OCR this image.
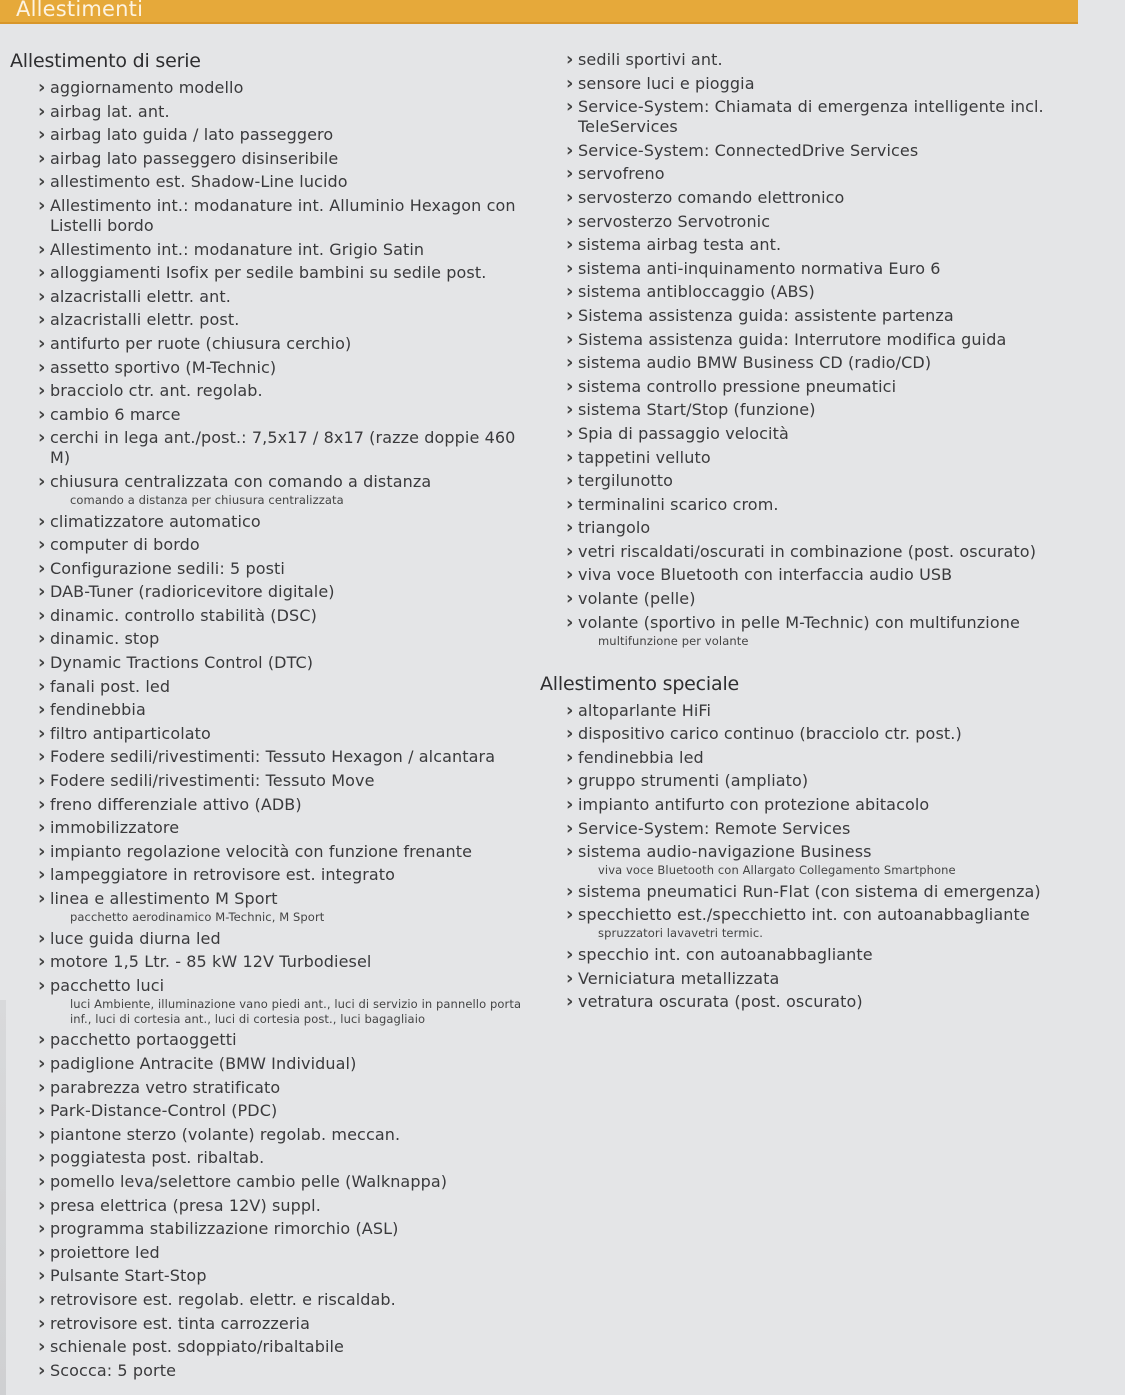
Allestimenti
Allestimento di serie
› aggiornamento modello
› airbag lat. ant.
› airbag lato guida / lato passeggero
› airbag lato passeggero disinseribile
› allestimento est. Shadow-Line lucido
› Allestimento int.: modanature int. Alluminio Hexagon con Listelli bordo
› Allestimento int.: modanature int. Grigio Satin
› alloggiamenti Isofix per sedile bambini su sedile post.
› alzacristalli elettr. ant.
› alzacristalli elettr. post.
› antifurto per ruote (chiusura cerchio)
› assetto sportivo (M-Technic)
› bracciolo ctr. ant. regolab.
› cambio 6 marce
› cerchi in lega ant./post.: 7,5x17 / 8x17 (razze doppie 460 M)
› chiusura centralizzata con comando a distanza
comando a distanza per chiusura centralizzata
› climatizzatore automatico
› computer di bordo
› Configurazione sedili: 5 posti
› DAB-Tuner (radioricevitore digitale)
› dinamic. controllo stabilità (DSC)
› dinamic. stop
› Dynamic Tractions Control (DTC)
› fanali post. led
› fendinebbia
› filtro antiparticolato
› Fodere sedili/rivestimenti: Tessuto Hexagon / alcantara
› Fodere sedili/rivestimenti: Tessuto Move
› freno differenziale attivo (ADB)
› immobilizzatore
› impianto regolazione velocità con funzione frenante
› lampeggiatore in retrovisore est. integrato
› linea e allestimento M Sport
pacchetto aerodinamico M-Technic, M Sport
› luce guida diurna led
› motore 1,5 Ltr. - 85 kW 12V Turbodiesel
› pacchetto luci
luci Ambiente, illuminazione vano piedi ant., luci di servizio in pannello porta inf., luci di cortesia ant., luci di cortesia post., luci bagagliaio
› pacchetto portaoggetti
› padiglione Antracite (BMW Individual)
› parabrezza vetro stratificato
› Park-Distance-Control (PDC)
› piantone sterzo (volante) regolab. meccan.
› poggiatesta post. ribaltab.
› pomello leva/selettore cambio pelle (Walknappa)
› presa elettrica (presa 12V) suppl.
› programma stabilizzazione rimorchio (ASL)
› proiettore led
› Pulsante Start-Stop
› retrovisore est. regolab. elettr. e riscaldab.
› retrovisore est. tinta carrozzeria
› schienale post. sdoppiato/ribaltabile
› Scocca: 5 porte
› sedili sportivi ant.
› sensore luci e pioggia
› Service-System: Chiamata di emergenza intelligente incl. TeleServices
› Service-System: ConnectedDrive Services
› servofreno
› servosterzo comando elettronico
› servosterzo Servotronic
› sistema airbag testa ant.
› sistema anti-inquinamento normativa Euro 6
› sistema antibloccaggio (ABS)
› Sistema assistenza guida: assistente partenza
› Sistema assistenza guida: Interrutore modifica guida
› sistema audio BMW Business CD (radio/CD)
› sistema controllo pressione pneumatici
› sistema Start/Stop (funzione)
› Spia di passaggio velocità
› tappetini velluto
› tergilunotto
› terminalini scarico crom.
› triangolo
› vetri riscaldati/oscurati in combinazione (post. oscurato)
› viva voce Bluetooth con interfaccia audio USB
› volante (pelle)
› volante (sportivo in pelle M-Technic) con multifunzione
multifunzione per volante
Allestimento speciale
› altoparlante HiFi
› dispositivo carico continuo (bracciolo ctr. post.)
› fendinebbia led
› gruppo strumenti (ampliato)
› impianto antifurto con protezione abitacolo
› Service-System: Remote Services
› sistema audio-navigazione Business
viva voce Bluetooth con Allargato Collegamento Smartphone
› sistema pneumatici Run-Flat (con sistema di emergenza)
› specchietto est./specchietto int. con autoanabbagliante
spruzzatori lavavetri termic.
› specchio int. con autoanabbagliante
› Verniciatura metallizzata
› vetratura oscurata (post. oscurato)
